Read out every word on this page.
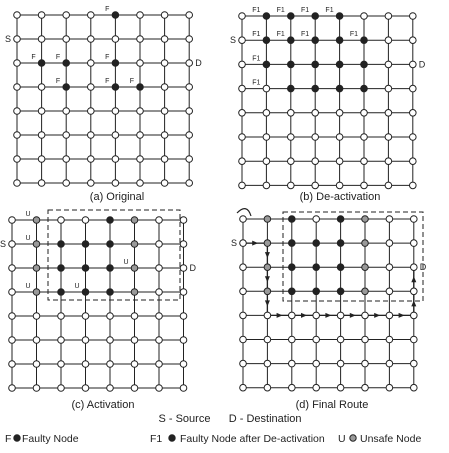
F
F	F
F
F	F	F
S
D
F1
F1
F1 F1 F1
F1 F1 F1
F1
F1
S
D
U
U
U
U
U
S
D
S
D
(a) Original	(b) De-activation
(c) Activation	(d) Final Route
S - Source      D - Destination
F Faulty Node	F1 Faulty Node after De-activation U Unsafe Node
